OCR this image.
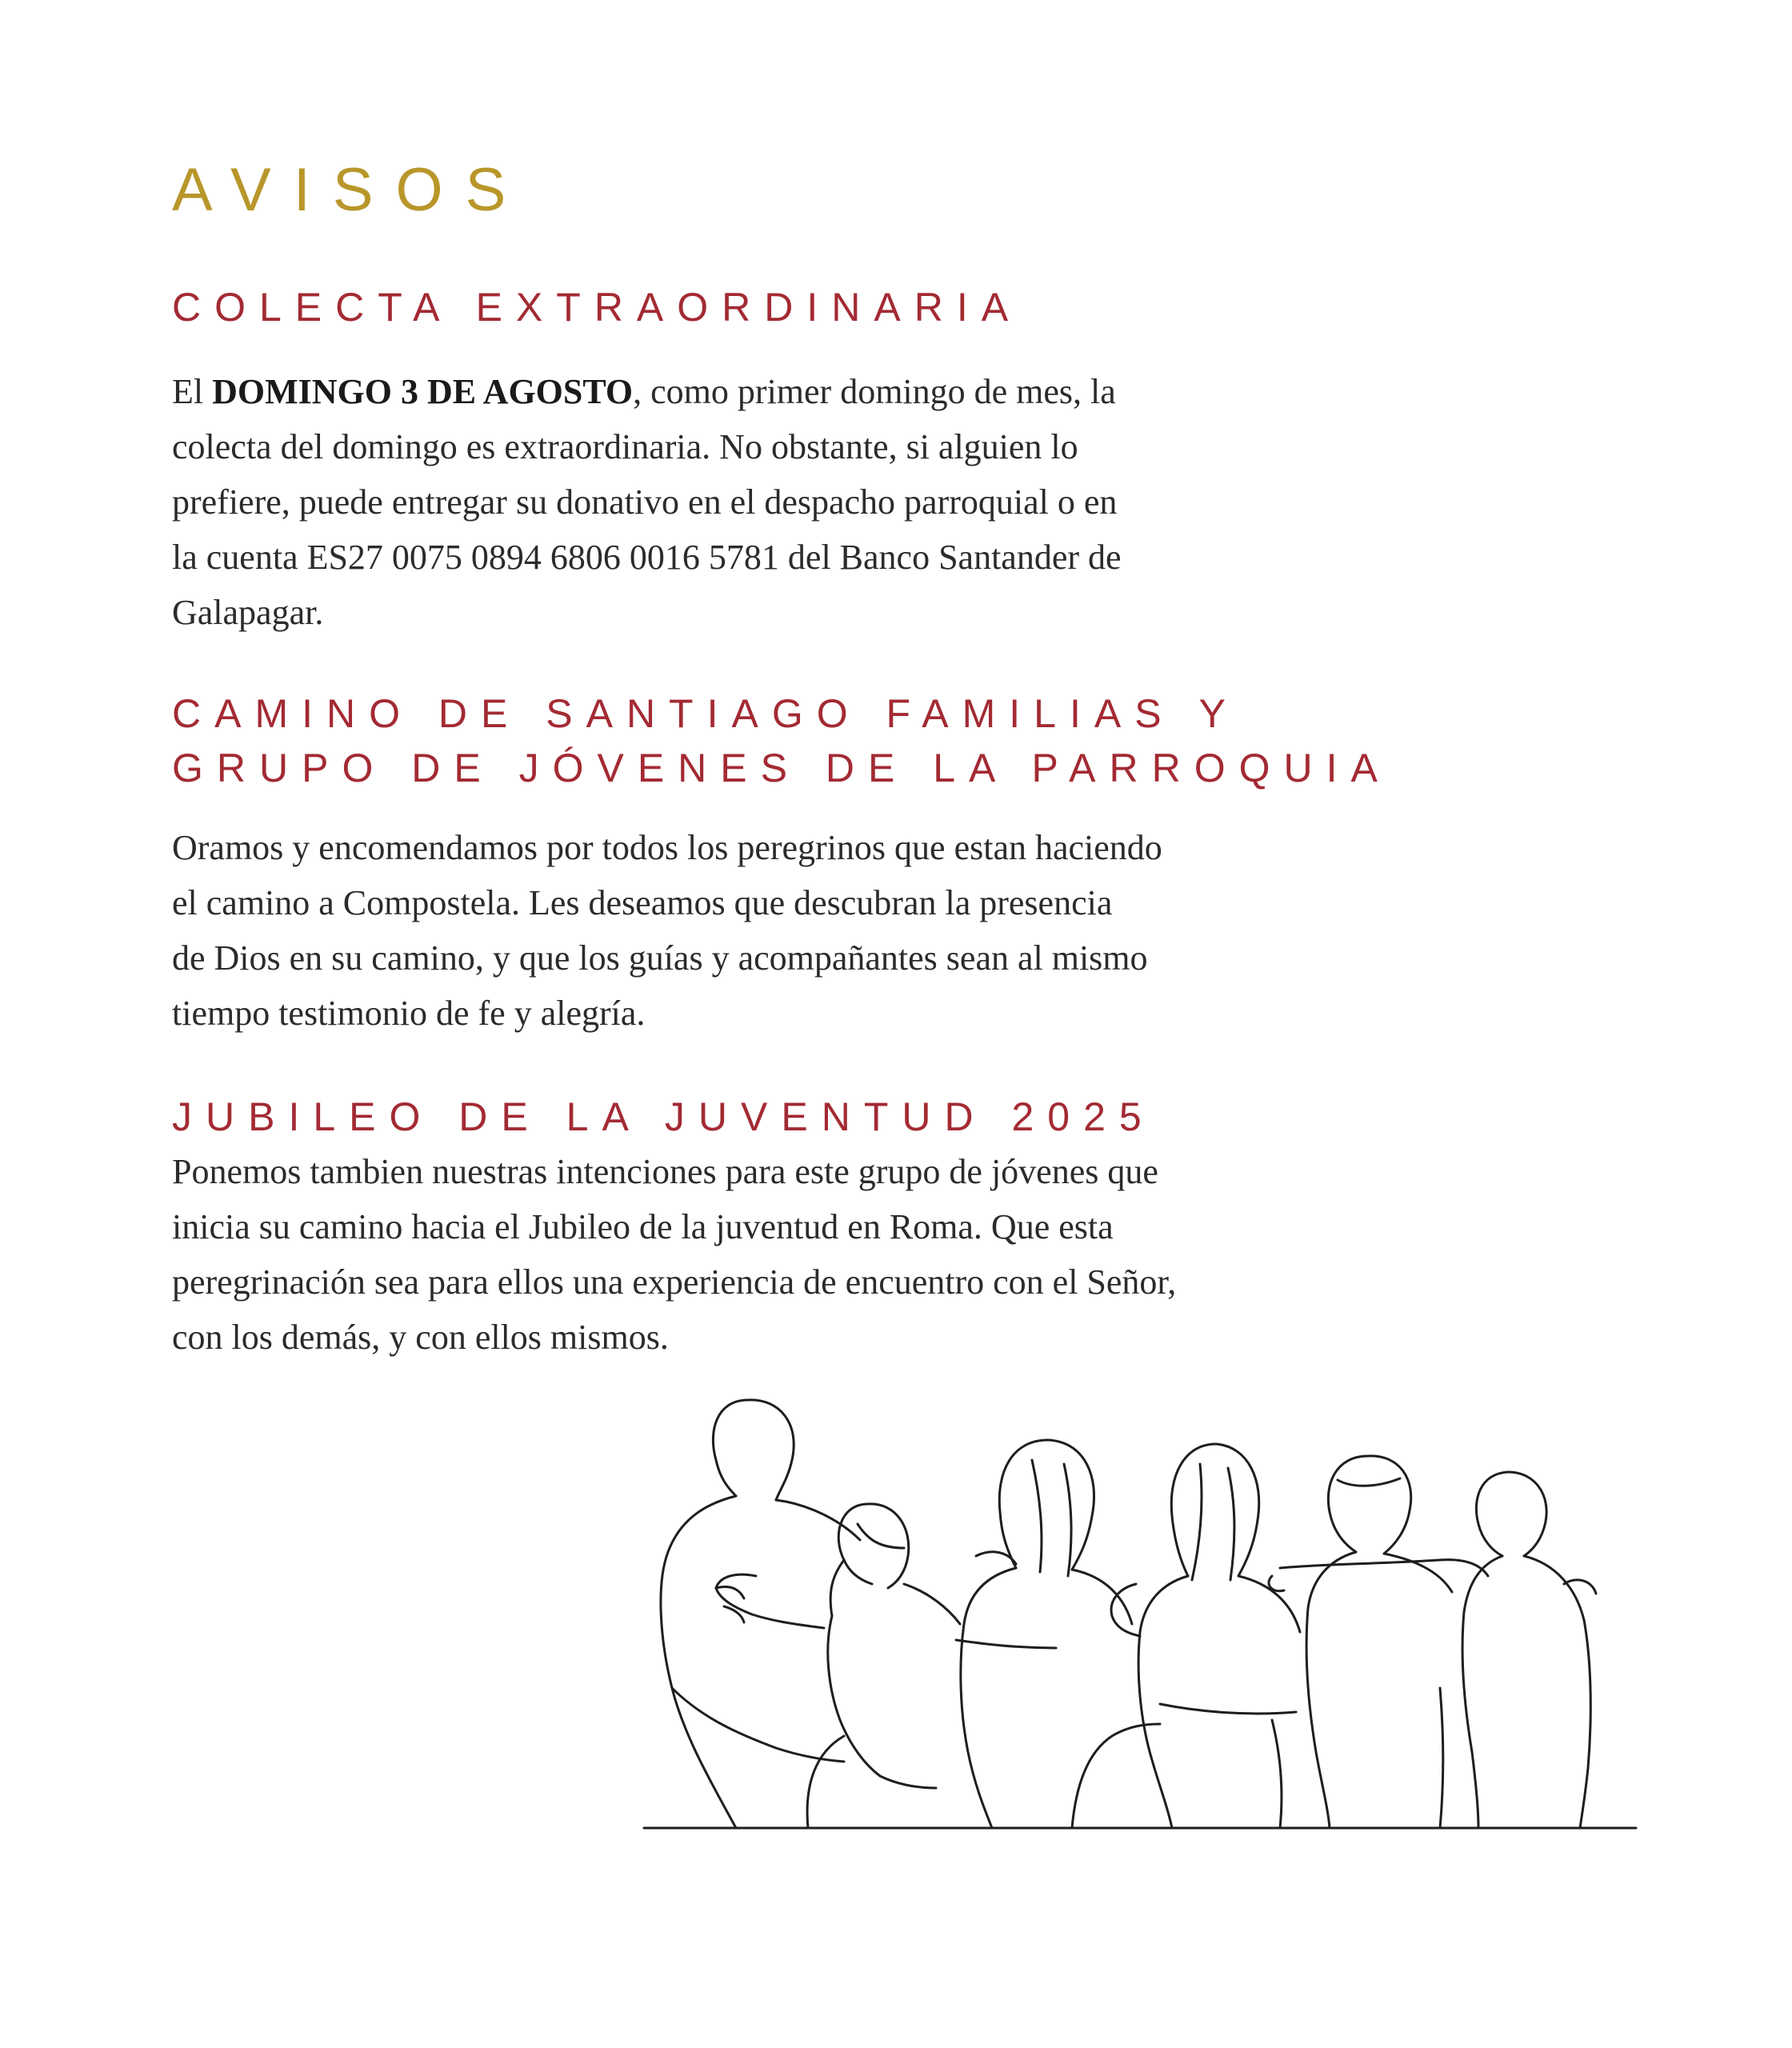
AVISOS
COLECTA EXTRAORDINARIA

El DOMINGO 3 DE AGOSTO, como primer domingo de mes, la
colecta del domingo es extraordinaria. No obstante, si alguien lo
prefiere, puede entregar su donativo en el despacho parroquial o en
la cuenta ES27 0075 0894 6806 0016 5781 del Banco Santander de
Galapagar.

CAMINO DE SANTIAGO FAMILIAS Y
GRUPO DE JÓVENES DE LA PARROQUIA

Oramos y encomendamos por todos los peregrinos que estan haciendo
el camino a Compostela. Les deseamos que descubran la presencia
de Dios en su camino, y que los guías y acompañantes sean al mismo
tiempo testimonio de fe y alegría.

JUBILEO DE LA JUVENTUD 2025

Ponemos tambien nuestras intenciones para este grupo de jóvenes que
inicia su camino hacia el Jubileo de la juventud en Roma. Que esta
peregrinación sea para ellos una experiencia de encuentro con el Señor,
con los demás, y con ellos mismos.
